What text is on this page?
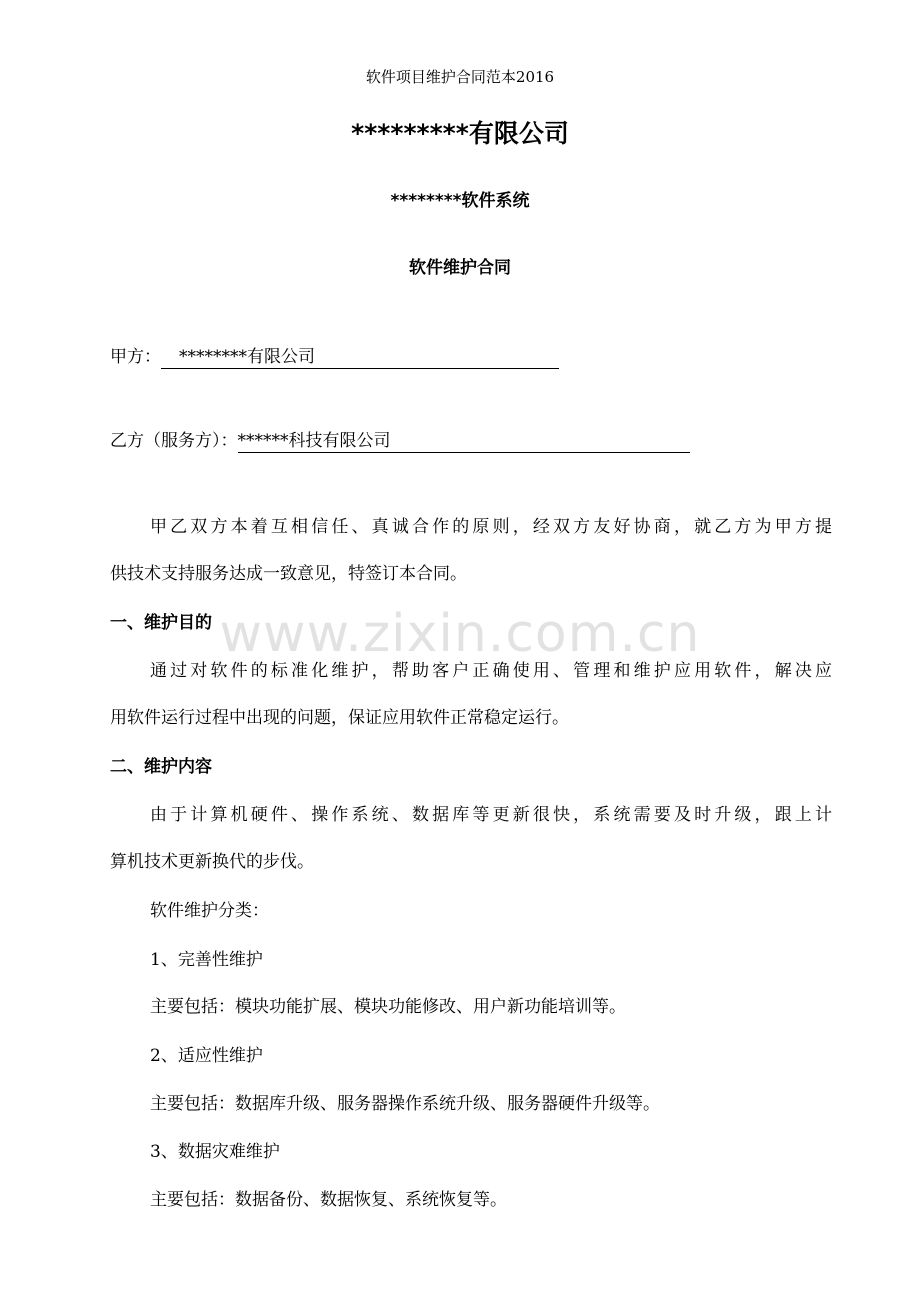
www.zixin.com.cn
软件项目维护合同范本2016
*********有限公司
********软件系统
软件维护合同
甲方： ********有限公司
乙方（服务方）：******科技有限公司
甲乙双方本着互相信任、真诚合作的原则，经双方友好协商，就乙方为甲方提
供技术支持服务达成一致意见，特签订本合同。
一、维护目的
通过对软件的标准化维护，帮助客户正确使用、管理和维护应用软件，解决应
用软件运行过程中出现的问题，保证应用软件正常稳定运行。
二、维护内容
由于计算机硬件、操作系统、数据库等更新很快，系统需要及时升级，跟上计
算机技术更新换代的步伐。
软件维护分类：
1、完善性维护
主要包括：模块功能扩展、模块功能修改、用户新功能培训等。
2、适应性维护
主要包括：数据库升级、服务器操作系统升级、服务器硬件升级等。
3、数据灾难维护
主要包括：数据备份、数据恢复、系统恢复等。
